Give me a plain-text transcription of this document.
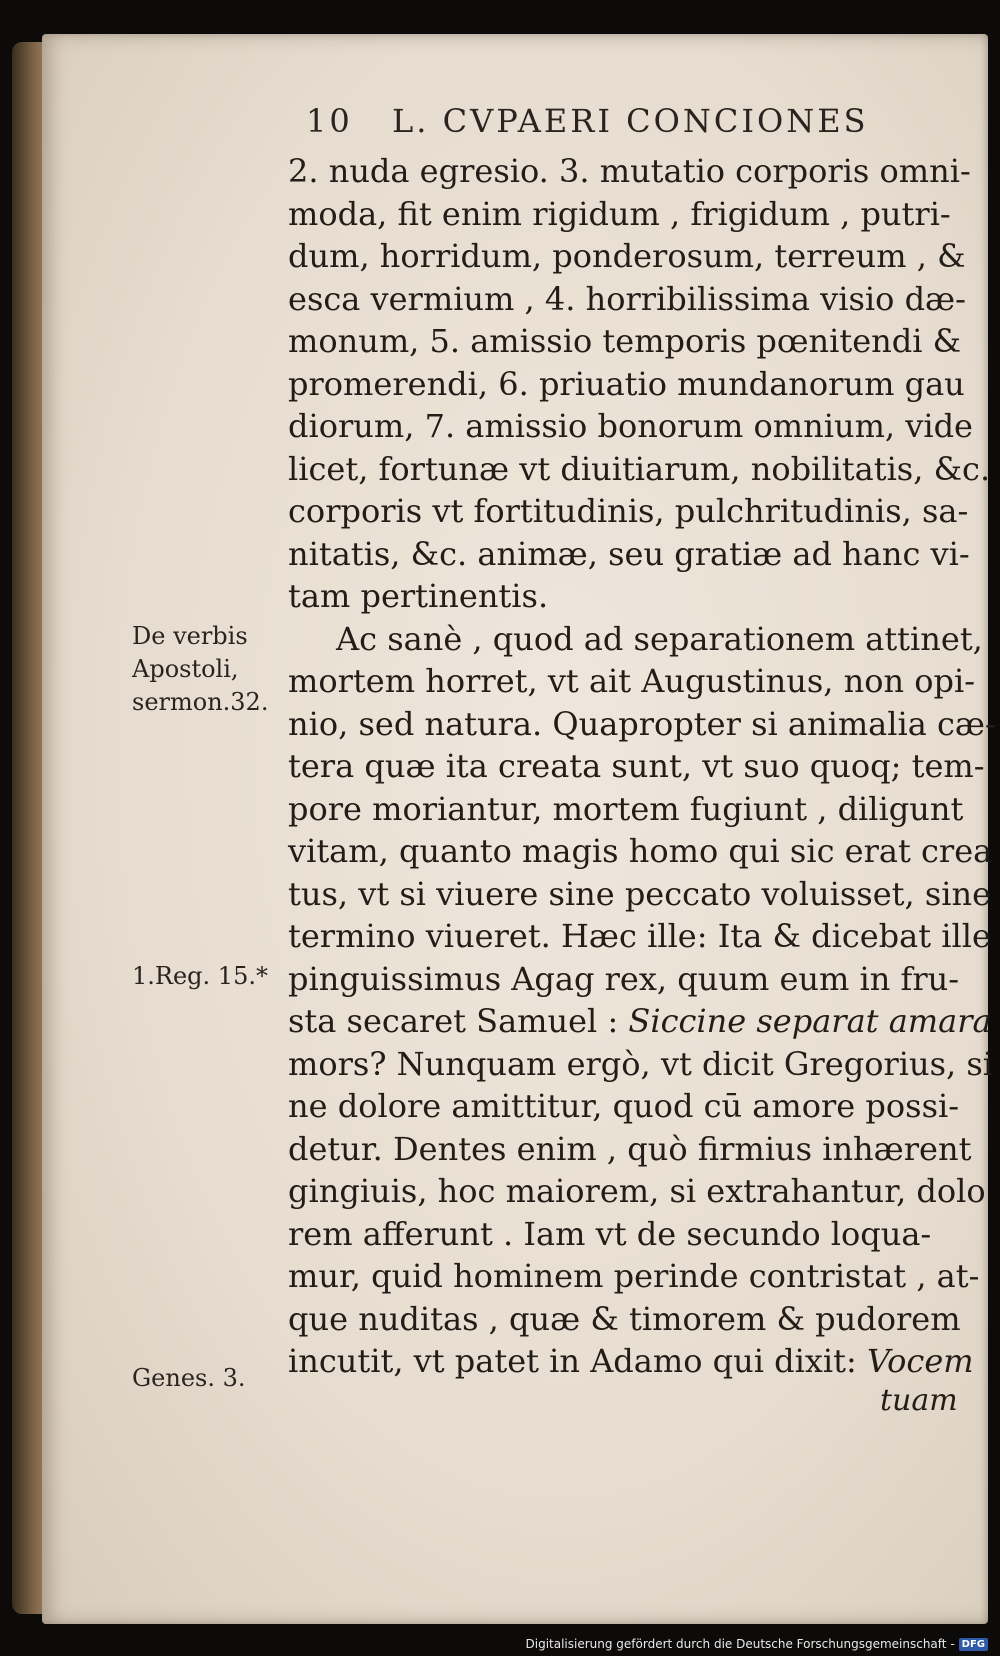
10 L. CVPAERI CONCIONES
2. nuda egresio. 3. mutatio corporis omni-
moda, fit enim rigidum , frigidum , putri-
dum, horridum, ponderosum, terreum , &
esca vermium , 4. horribilissima visio dæ-
monum, 5. amissio temporis pœnitendi &
promerendi, 6. priuatio mundanorum gau
diorum, 7. amissio bonorum omnium, vide
licet, fortunæ vt diuitiarum, nobilitatis, &c.
corporis vt fortitudinis, pulchritudinis, sa-
nitatis, &c. animæ, seu gratiæ ad hanc vi-
tam pertinentis.
Ac sanè , quod ad separationem attinet,
mortem horret, vt ait Augustinus, non opi-
nio, sed natura. Quapropter si animalia cæ-
tera quæ ita creata sunt, vt suo quoq; tem-
pore moriantur, mortem fugiunt , diligunt
vitam, quanto magis homo qui sic erat crea
tus, vt si viuere sine peccato voluisset, sine
termino viueret. Hæc ille: Ita & dicebat ille
pinguissimus Agag rex, quum eum in fru-
sta secaret Samuel : Siccine separat amara
mors? Nunquam ergò, vt dicit Gregorius, si
ne dolore amittitur, quod cū amore possi-
detur. Dentes enim , quò firmius inhærent
gingiuis, hoc maiorem, si extrahantur, dolo
rem afferunt . Iam vt de secundo loqua-
mur, quid hominem perinde contristat , at-
que nuditas , quæ & timorem & pudorem
incutit, vt patet in Adamo qui dixit: Vocem
tuam
De verbis
Apostoli,
sermon.32.
1.Reg. 15.*
Genes. 3.
Digitalisierung gefördert durch die Deutsche Forschungsgemeinschaft - DFG
